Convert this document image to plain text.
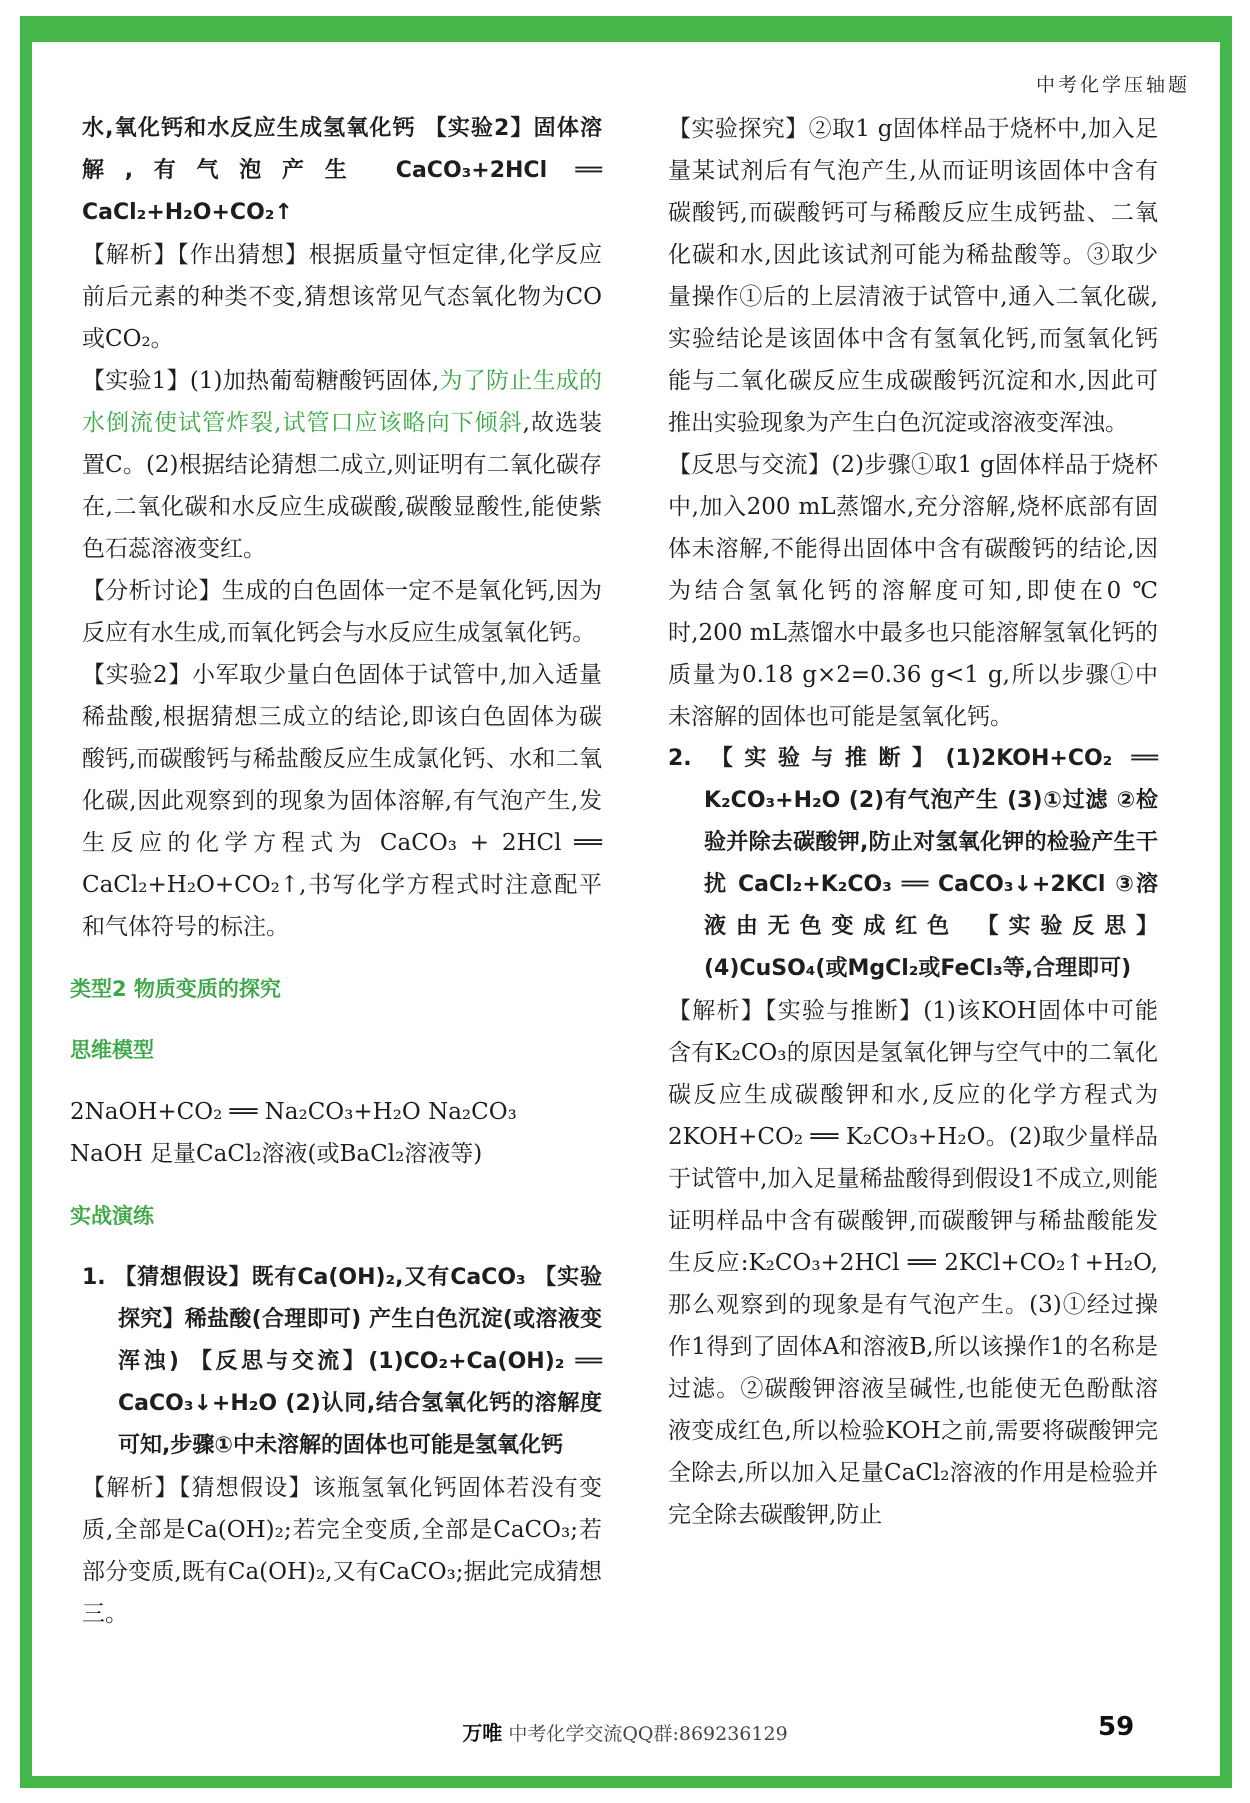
中考化学压轴题

水,氧化钙和水反应生成氢氧化钙 【实验2】固体溶解,有气泡产生 CaCO₃+2HCl ══ CaCl₂+H₂O+CO₂↑

【解析】【作出猜想】根据质量守恒定律,化学反应前后元素的种类不变,猜想该常见气态氧化物为CO或CO₂。

【实验1】(1)加热葡萄糖酸钙固体,为了防止生成的水倒流使试管炸裂,试管口应该略向下倾斜,故选装置C。(2)根据结论猜想二成立,则证明有二氧化碳存在,二氧化碳和水反应生成碳酸,碳酸显酸性,能使紫色石蕊溶液变红。

【分析讨论】生成的白色固体一定不是氧化钙,因为反应有水生成,而氧化钙会与水反应生成氢氧化钙。

【实验2】小军取少量白色固体于试管中,加入适量稀盐酸,根据猜想三成立的结论,即该白色固体为碳酸钙,而碳酸钙与稀盐酸反应生成氯化钙、水和二氧化碳,因此观察到的现象为固体溶解,有气泡产生,发生反应的化学方程式为 CaCO₃ + 2HCl ══ CaCl₂+H₂O+CO₂↑,书写化学方程式时注意配平和气体符号的标注。

类型2 物质变质的探究

思维模型

2NaOH+CO₂ ══ Na₂CO₃+H₂O Na₂CO₃

NaOH 足量CaCl₂溶液(或BaCl₂溶液等)

实战演练

1. 【猜想假设】既有Ca(OH)₂,又有CaCO₃ 【实验探究】稀盐酸(合理即可) 产生白色沉淀(或溶液变浑浊) 【反思与交流】(1)CO₂+Ca(OH)₂ ══ CaCO₃↓+H₂O (2)认同,结合氢氧化钙的溶解度可知,步骤①中未溶解的固体也可能是氢氧化钙

【解析】【猜想假设】该瓶氢氧化钙固体若没有变质,全部是Ca(OH)₂;若完全变质,全部是CaCO₃;若部分变质,既有Ca(OH)₂,又有CaCO₃;据此完成猜想三。

【实验探究】②取1 g固体样品于烧杯中,加入足量某试剂后有气泡产生,从而证明该固体中含有碳酸钙,而碳酸钙可与稀酸反应生成钙盐、二氧化碳和水,因此该试剂可能为稀盐酸等。③取少量操作①后的上层清液于试管中,通入二氧化碳,实验结论是该固体中含有氢氧化钙,而氢氧化钙能与二氧化碳反应生成碳酸钙沉淀和水,因此可推出实验现象为产生白色沉淀或溶液变浑浊。

【反思与交流】(2)步骤①取1 g固体样品于烧杯中,加入200 mL蒸馏水,充分溶解,烧杯底部有固体未溶解,不能得出固体中含有碳酸钙的结论,因为结合氢氧化钙的溶解度可知,即使在0 ℃时,200 mL蒸馏水中最多也只能溶解氢氧化钙的质量为0.18 g×2=0.36 g<1 g,所以步骤①中未溶解的固体也可能是氢氧化钙。

2. 【实验与推断】(1)2KOH+CO₂ ══ K₂CO₃+H₂O (2)有气泡产生 (3)①过滤 ②检验并除去碳酸钾,防止对氢氧化钾的检验产生干扰 CaCl₂+K₂CO₃ ══ CaCO₃↓+2KCl ③溶液由无色变成红色 【实验反思】(4)CuSO₄(或MgCl₂或FeCl₃等,合理即可)

【解析】【实验与推断】(1)该KOH固体中可能含有K₂CO₃的原因是氢氧化钾与空气中的二氧化碳反应生成碳酸钾和水,反应的化学方程式为2KOH+CO₂ ══ K₂CO₃+H₂O。(2)取少量样品于试管中,加入足量稀盐酸得到假设1不成立,则能证明样品中含有碳酸钾,而碳酸钾与稀盐酸能发生反应:K₂CO₃+2HCl ══ 2KCl+CO₂↑+H₂O,那么观察到的现象是有气泡产生。(3)①经过操作1得到了固体A和溶液B,所以该操作1的名称是过滤。②碳酸钾溶液呈碱性,也能使无色酚酞溶液变成红色,所以检验KOH之前,需要将碳酸钾完全除去,所以加入足量CaCl₂溶液的作用是检验并完全除去碳酸钾,防止

万唯 中考化学交流QQ群:869236129	59
